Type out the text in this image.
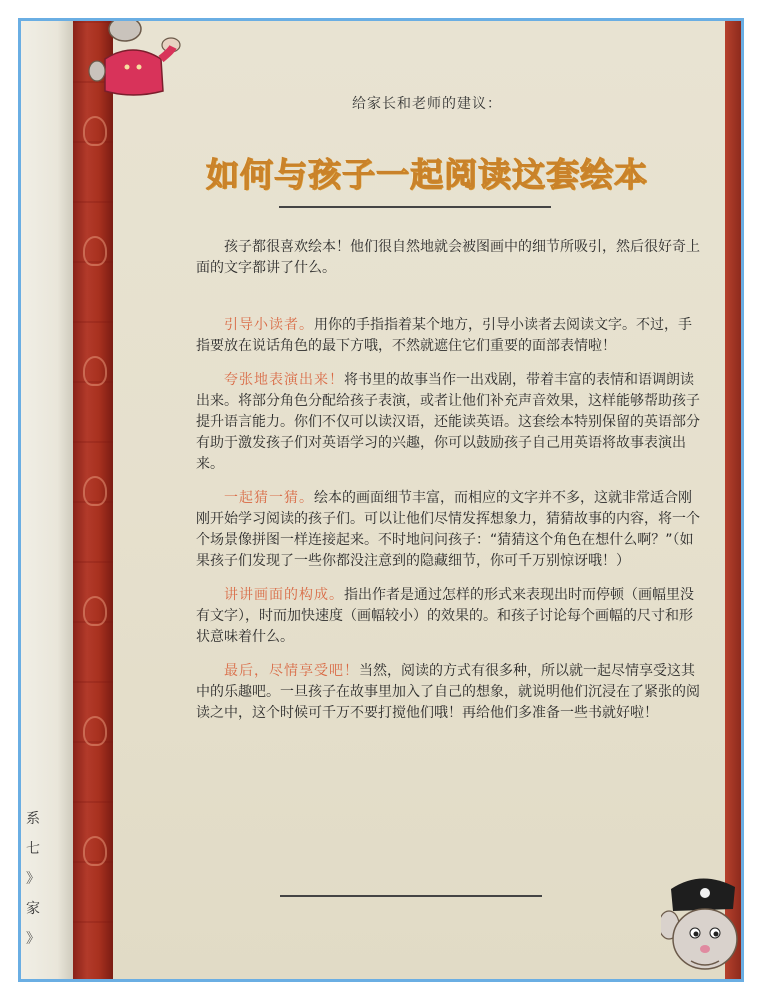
系
七
》
家
》
给家长和老师的建议：
如何与孩子一起阅读这套绘本

孩子都很喜欢绘本！他们很自然地就会被图画中的细节所吸引，然后很好奇上面的文字都讲了什么。

引导小读者。用你的手指指着某个地方，引导小读者去阅读文字。不过，手指要放在说话角色的最下方哦，不然就遮住它们重要的面部表情啦！

夸张地表演出来！将书里的故事当作一出戏剧，带着丰富的表情和语调朗读出来。将部分角色分配给孩子表演，或者让他们补充声音效果，这样能够帮助孩子提升语言能力。你们不仅可以读汉语，还能读英语。这套绘本特别保留的英语部分有助于激发孩子们对英语学习的兴趣，你可以鼓励孩子自己用英语将故事表演出来。

一起猜一猜。绘本的画面细节丰富，而相应的文字并不多，这就非常适合刚刚开始学习阅读的孩子们。可以让他们尽情发挥想象力，猜猜故事的内容，将一个个场景像拼图一样连接起来。不时地问问孩子：“猜猜这个角色在想什么啊？”（如果孩子们发现了一些你都没注意到的隐藏细节，你可千万别惊讶哦！）

讲讲画面的构成。指出作者是通过怎样的形式来表现出时而停顿（画幅里没有文字），时而加快速度（画幅较小）的效果的。和孩子讨论每个画幅的尺寸和形状意味着什么。

最后，尽情享受吧！当然，阅读的方式有很多种，所以就一起尽情享受这其中的乐趣吧。一旦孩子在故事里加入了自己的想象，就说明他们沉浸在了紧张的阅读之中，这个时候可千万不要打搅他们哦！再给他们多准备一些书就好啦！
